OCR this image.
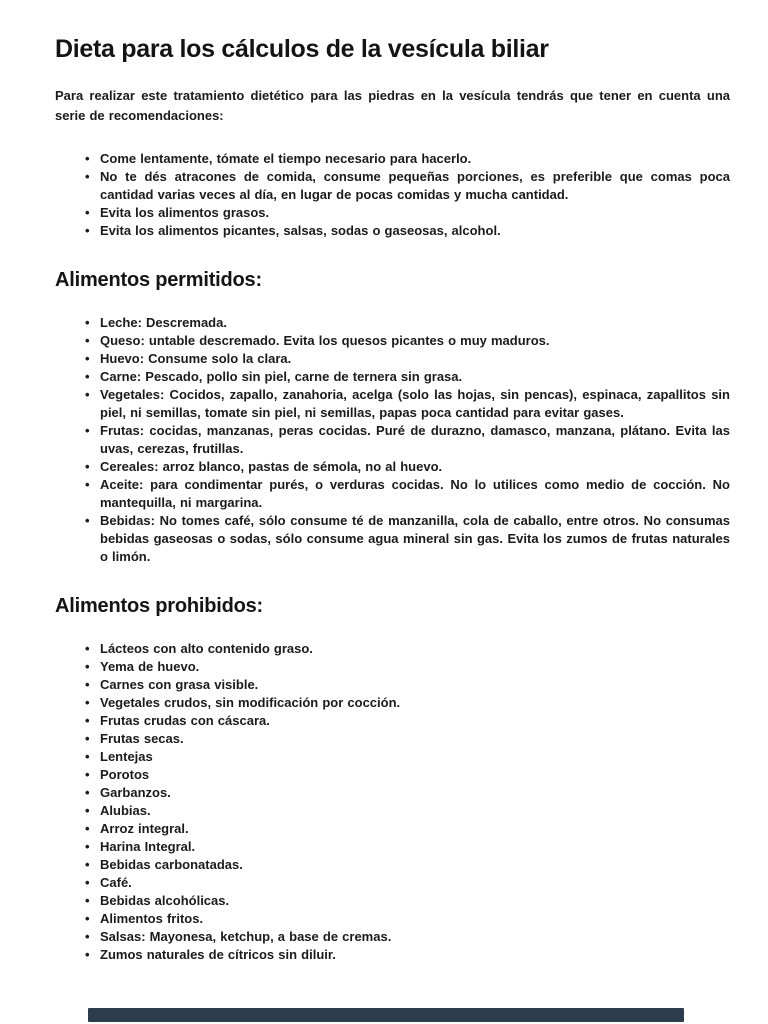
Dieta para los cálculos de la vesícula biliar

Para realizar este tratamiento dietético para las piedras en la vesícula tendrás que tener en cuenta una serie de recomendaciones:

• Come lentamente, tómate el tiempo necesario para hacerlo.
• No te dés atracones de comida, consume pequeñas porciones, es preferible que comas poca cantidad varias veces al día, en lugar de pocas comidas y mucha cantidad.
• Evita los alimentos grasos.
• Evita los alimentos picantes, salsas, sodas o gaseosas, alcohol.
Alimentos permitidos:
• Leche: Descremada.
• Queso: untable descremado. Evita los quesos picantes o muy maduros.
• Huevo: Consume solo la clara.
• Carne: Pescado, pollo sin piel, carne de ternera sin grasa.
• Vegetales: Cocidos, zapallo, zanahoria, acelga (solo las hojas, sin pencas), espinaca, zapallitos sin piel, ni semillas, tomate sin piel, ni semillas, papas poca cantidad para evitar gases.
• Frutas: cocidas, manzanas, peras cocidas. Puré de durazno, damasco, manzana, plátano. Evita las uvas, cerezas, frutillas.
• Cereales: arroz blanco, pastas de sémola, no al huevo.
• Aceite: para condimentar purés, o verduras cocidas. No lo utilices como medio de cocción. No mantequilla, ni margarina.
• Bebidas: No tomes café, sólo consume té de manzanilla, cola de caballo, entre otros. No consumas bebidas gaseosas o sodas, sólo consume agua mineral sin gas. Evita los zumos de frutas naturales o limón.
Alimentos prohibidos:
• Lácteos con alto contenido graso.
• Yema de huevo.
• Carnes con grasa visible.
• Vegetales crudos, sin modificación por cocción.
• Frutas crudas con cáscara.
• Frutas secas.
• Lentejas
• Porotos
• Garbanzos.
• Alubias.
• Arroz integral.
• Harina Integral.
• Bebidas carbonatadas.
• Café.
• Bebidas alcohólicas.
• Alimentos fritos.
• Salsas: Mayonesa, ketchup, a base de cremas.
• Zumos naturales de cítricos sin diluir.
